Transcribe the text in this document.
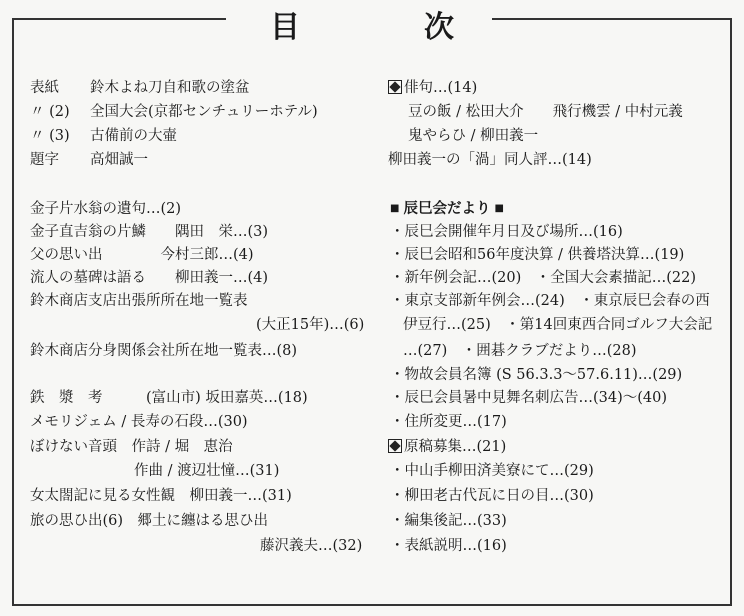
目	次
表紙 鈴木よね刀自和歌の塗盆
〃 (2) 全国大会(京都センチュリーホテル)
〃 (3) 古備前の大壷
題字 高畑誠一
金子片水翁の遺句…(2)
金子直吉翁の片鱗　　隅田　栄…(3)
父の思い出　　　　今村三郎…(4)
流人の墓碑は語る　　柳田義一…(4)
鈴木商店支店出張所所在地一覧表
(大正15年)…(6)
鈴木商店分身関係会社所在地一覧表…(8)
鉄　漿　考　　　(富山市) 坂田嘉英…(18)
メモリジェム / 長寿の石段…(30)
ぼけない音頭　作詩 / 堀　恵治
作曲 / 渡辺壮憧…(31)
女太閤記に見る女性観　柳田義一…(31)
旅の思ひ出(6)　郷土に纏はる思ひ出
藤沢義夫…(32)
俳句…(14)
豆の飯 / 松田大介　　飛行機雲 / 中村元義
鬼やらひ / 柳田義一
柳田義一の「渦」同人評…(14)
■ 辰巳会だより ■
・辰巳会開催年月日及び場所…(16)
・辰巳会昭和56年度決算 / 供養塔決算…(19)
・新年例会記…(20)　・全国大会素描記…(22)
・東京支部新年例会…(24)　・東京辰巳会春の西
伊豆行…(25)　・第14回東西合同ゴルフ大会記
…(27)　・囲碁クラブだより…(28)
・物故会員名簿 (S 56.3.3～57.6.11)…(29)
・辰巳会員暑中見舞名刺広告…(34)～(40)
・住所変更…(17)
原稿募集…(21)
・中山手柳田済美寮にて…(29)
・柳田老古代瓦に日の目…(30)
・編集後記…(33)
・表紙説明…(16)
